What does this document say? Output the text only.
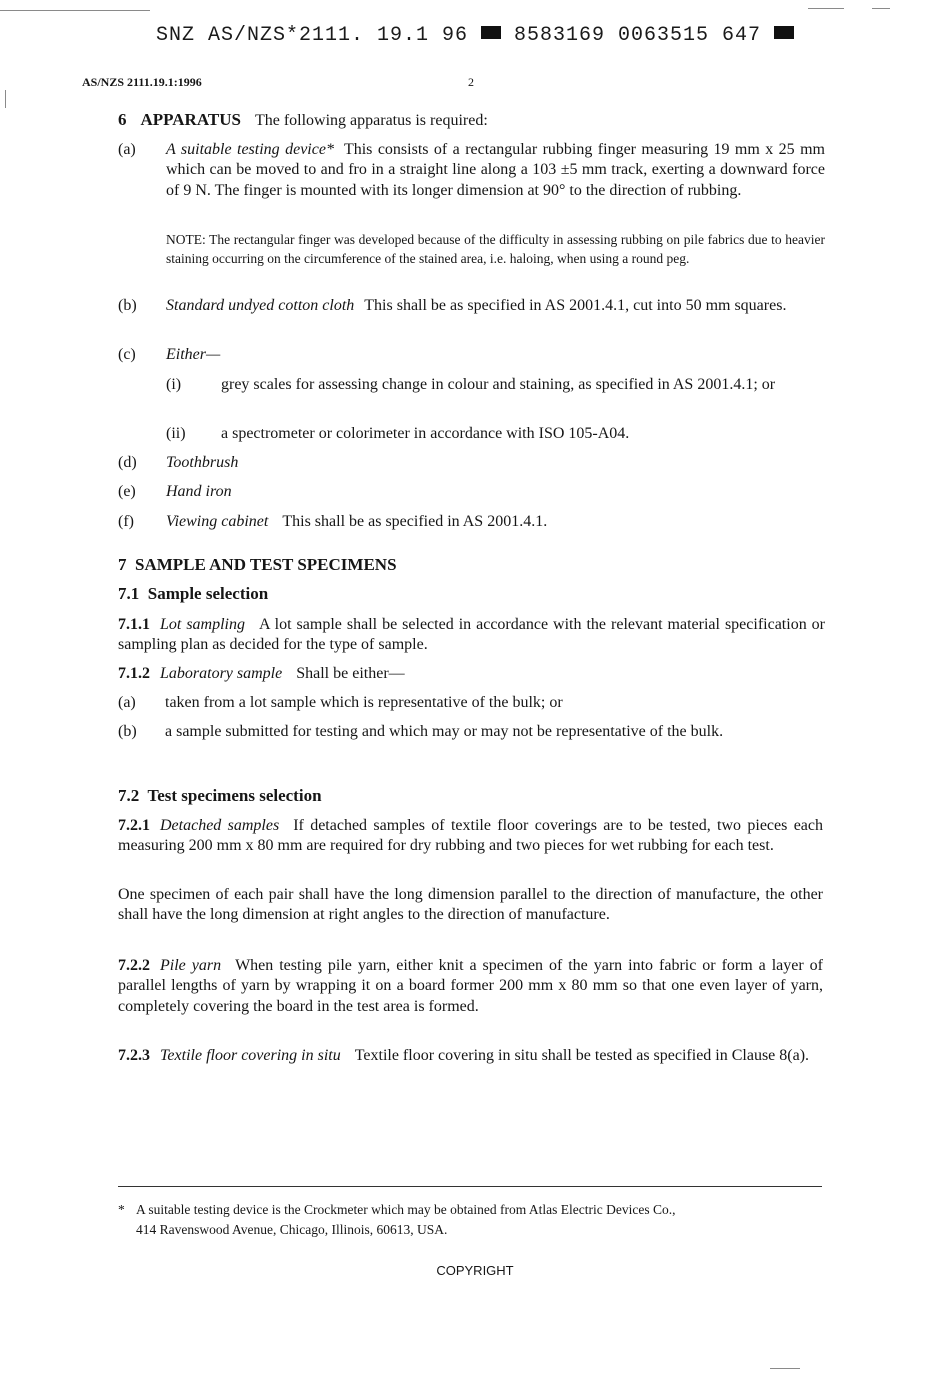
SNZ AS/NZS*2111. 19.1 96  8583169 0063515 647
AS/NZS 2111.19.1:1996	2
6 APPARATUS The following apparatus is required:
(a) A suitable testing device* This consists of a rectangular rubbing finger measuring 19 mm x 25 mm which can be moved to and fro in a straight line along a 103 ±5 mm track, exerting a downward force of 9 N. The finger is mounted with its longer dimension at 90° to the direction of rubbing.

NOTE: The rectangular finger was developed because of the difficulty in assessing rubbing on pile fabrics due to heavier staining occurring on the circumference of the stained area, i.e. haloing, when using a round peg.

(b) Standard undyed cotton cloth This shall be as specified in AS 2001.4.1, cut into 50 mm squares.

(c) Either—
(i) grey scales for assessing change in colour and staining, as specified in AS 2001.4.1; or

(ii) a spectrometer or colorimeter in accordance with ISO 105-A04.

(d) Toothbrush
(e) Hand iron
(f) Viewing cabinet This shall be as specified in AS 2001.4.1.
7  SAMPLE AND TEST SPECIMENS
7.1  Sample selection

7.1.1 Lot sampling A lot sample shall be selected in accordance with the relevant material specification or sampling plan as decided for the type of sample.

7.1.2 Laboratory sample Shall be either—

(a) taken from a lot sample which is representative of the bulk; or

(b) a sample submitted for testing and which may or may not be representative of the bulk.

7.2  Test specimens selection

7.2.1 Detached samples If detached samples of textile floor coverings are to be tested, two pieces each measuring 200 mm x 80 mm are required for dry rubbing and two pieces for wet rubbing for each test.

One specimen of each pair shall have the long dimension parallel to the direction of manufacture, the other shall have the long dimension at right angles to the direction of manufacture.

7.2.2 Pile yarn When testing pile yarn, either knit a specimen of the yarn into fabric or form a layer of parallel lengths of yarn by wrapping it on a board former 200 mm x 80 mm so that one even layer of yarn, completely covering the board in the test area is formed.

7.2.3 Textile floor covering in situ Textile floor covering in situ shall be tested as specified in Clause 8(a).

* A suitable testing device is the Crockmeter which may be obtained from Atlas Electric Devices Co.,
414 Ravenswood Avenue, Chicago, Illinois, 60613, USA.
COPYRIGHT
